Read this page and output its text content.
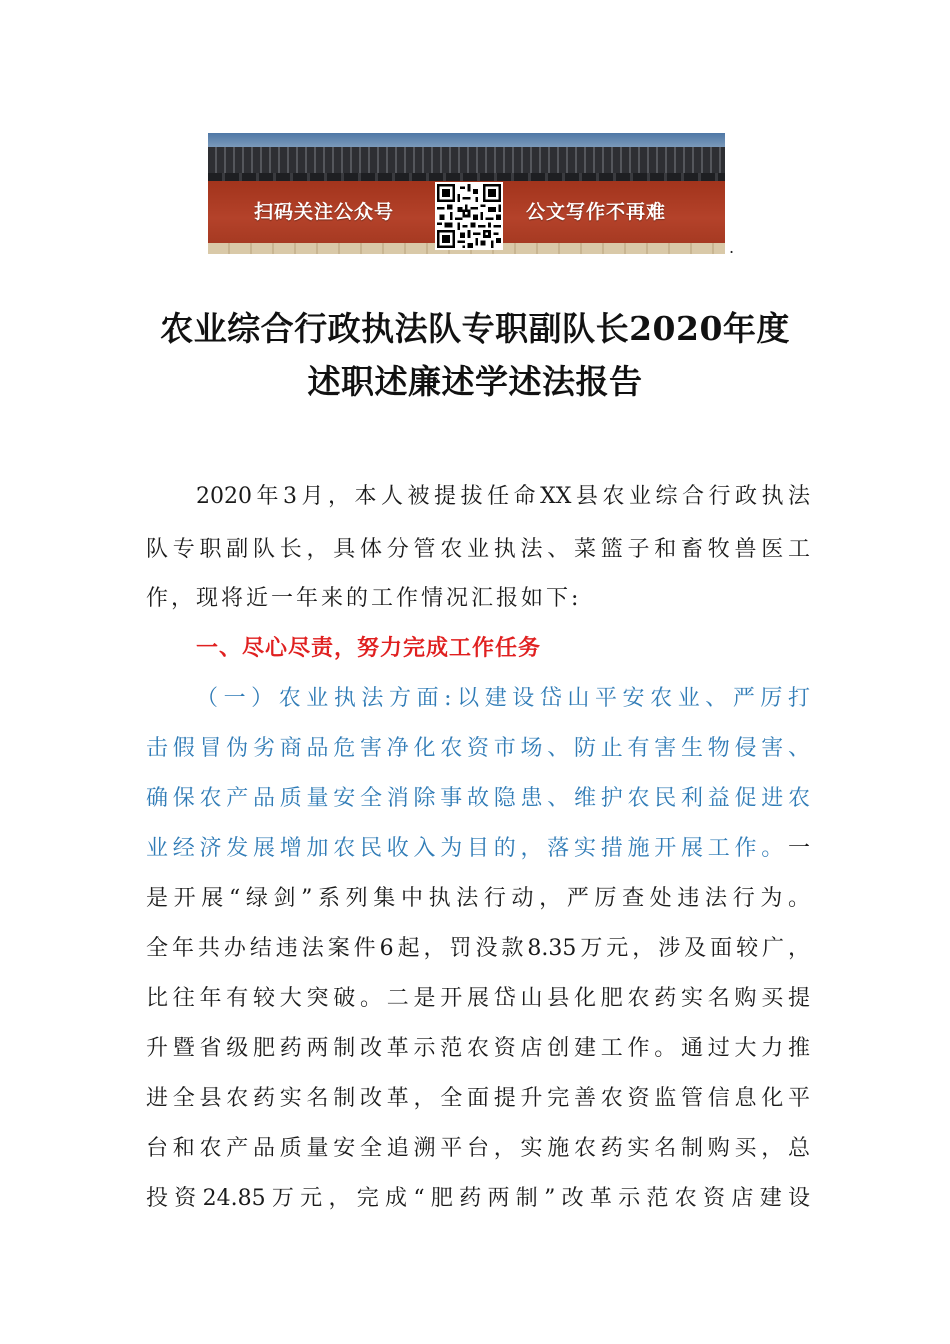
扫码关注公众号	公文写作不再难
.
农业综合行政执法队专职副队长2020年度
述职述廉述学述法报告

2020年3月，本人被提拔任命XX县农业综合行政执法

队专职副队长，具体分管农业执法、菜篮子和畜牧兽医工

作，现将近一年来的工作情况汇报如下:

一、尽心尽责，努力完成工作任务

（一）农业执法方面:以建设岱山平安农业、严厉打

击假冒伪劣商品危害净化农资市场、防止有害生物侵害、

确保农产品质量安全消除事故隐患、维护农民利益促进农

业经济发展增加农民收入为目的，落实措施开展工作。一

是开展“绿剑”系列集中执法行动，严厉查处违法行为。

全年共办结违法案件6起，罚没款8.35万元，涉及面较广，

比往年有较大突破。二是开展岱山县化肥农药实名购买提

升暨省级肥药两制改革示范农资店创建工作。通过大力推

进全县农药实名制改革，全面提升完善农资监管信息化平

台和农产品质量安全追溯平台，实施农药实名制购买，总

投资24.85万元，完成“肥药两制”改革示范农资店建设
